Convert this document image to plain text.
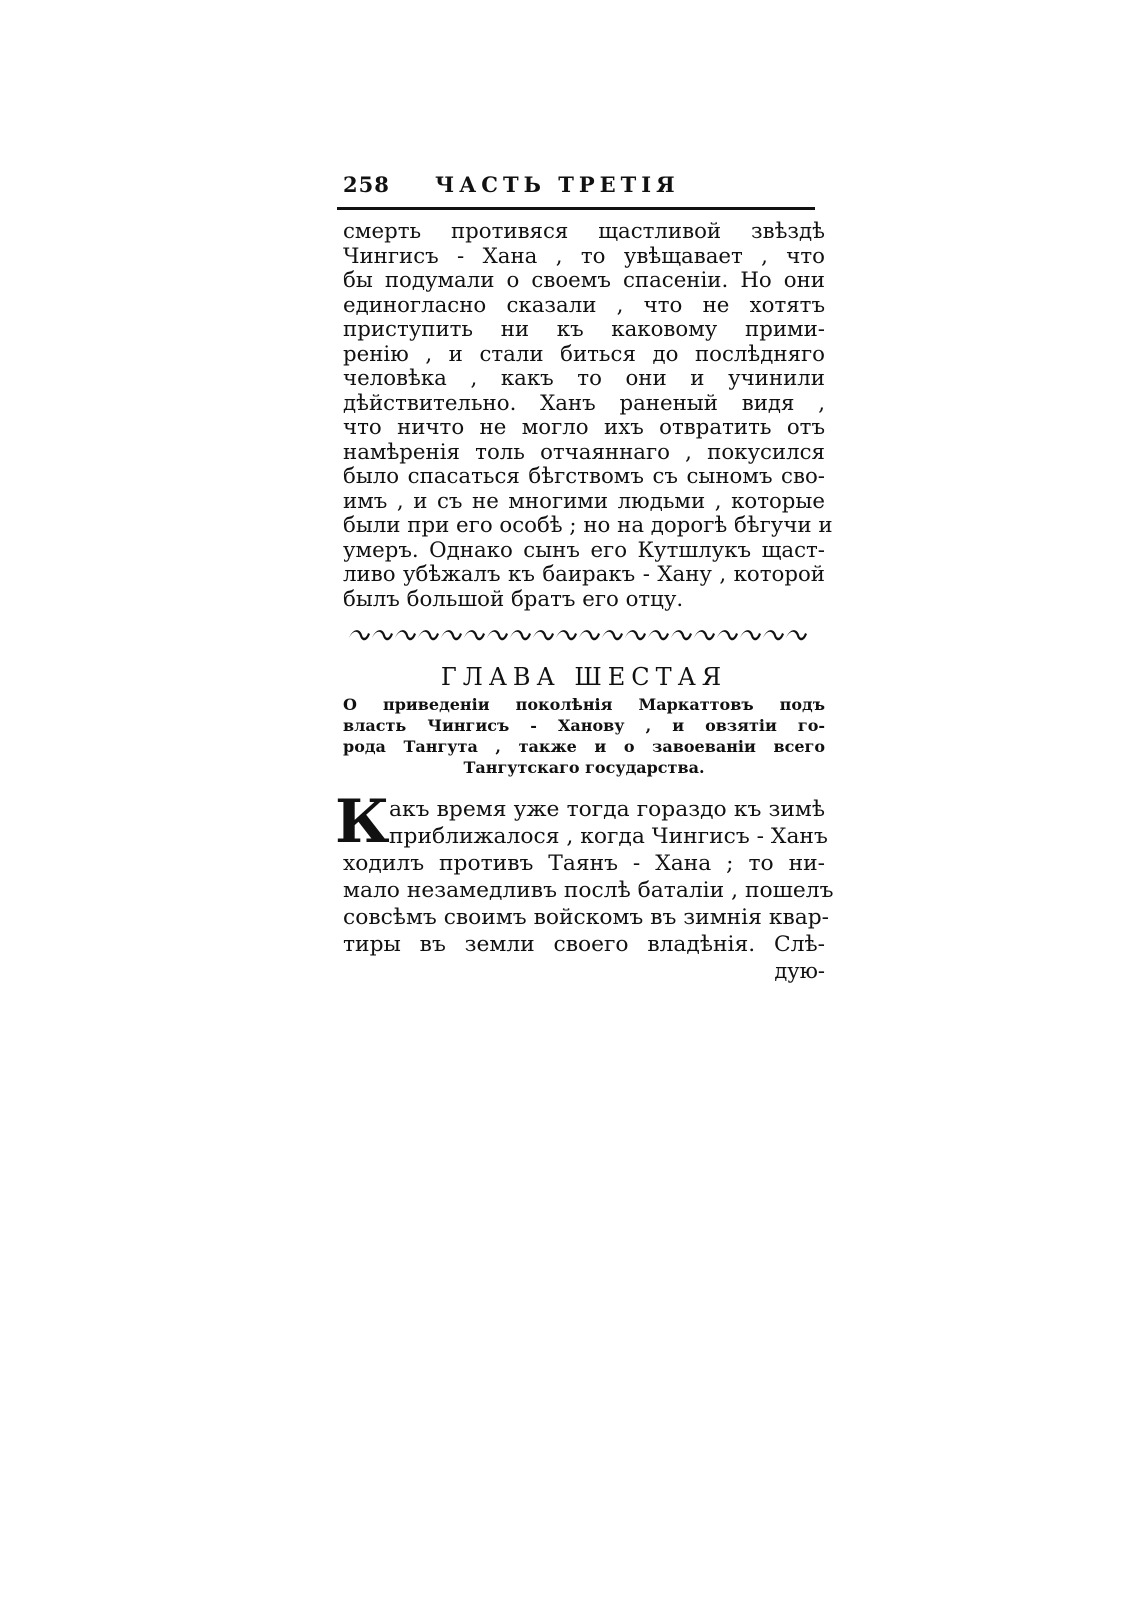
258	ЧАСТЬ ТРЕТІЯ
смерть противяся щастливой звѣздѣ
Чингисъ - Хана , то увѣщавает , что
бы подумали о своемъ спасенiи. Но они
единогласно сказали , что не хотятъ
приступить ни къ каковому прими-
ренiю , и стали биться до послѣдняго
человѣка , какъ то они и учинили
дѣйствительно. Ханъ раненый видя ,
что ничто не могло ихъ отвратить отъ
намѣренiя толь отчаяннаго , покусился
было спасаться бѣгствомъ съ сыномъ сво-
имъ , и съ не многими людьми , которые
были при его особѣ ; но на дорогѣ бѣгучи и
умеръ. Однако сынъ его Кутшлукъ щаст-
ливо убѣжалъ къ баиракъ - Хану , которой
былъ большой братъ его отцу.
ГЛАВА ШЕСТАЯ
О приведенiи поколѣнiя Маркаттовъ подъ
власть Чингисъ - Ханову , и овзятiи го-
рода Тангута , также и о завоеванiи всего
Тангутскаго государства.
К акъ время уже тогда гораздо къ зимѣ
приближалося , когда Чингисъ - Ханъ
ходилъ противъ Таянъ - Хана ; то ни-
мало незамедливъ послѣ баталiи , пошелъ
совсѣмъ своимъ войскомъ въ зимнiя квар-
тиры въ земли своего владѣнiя. Слѣ-
дую-
